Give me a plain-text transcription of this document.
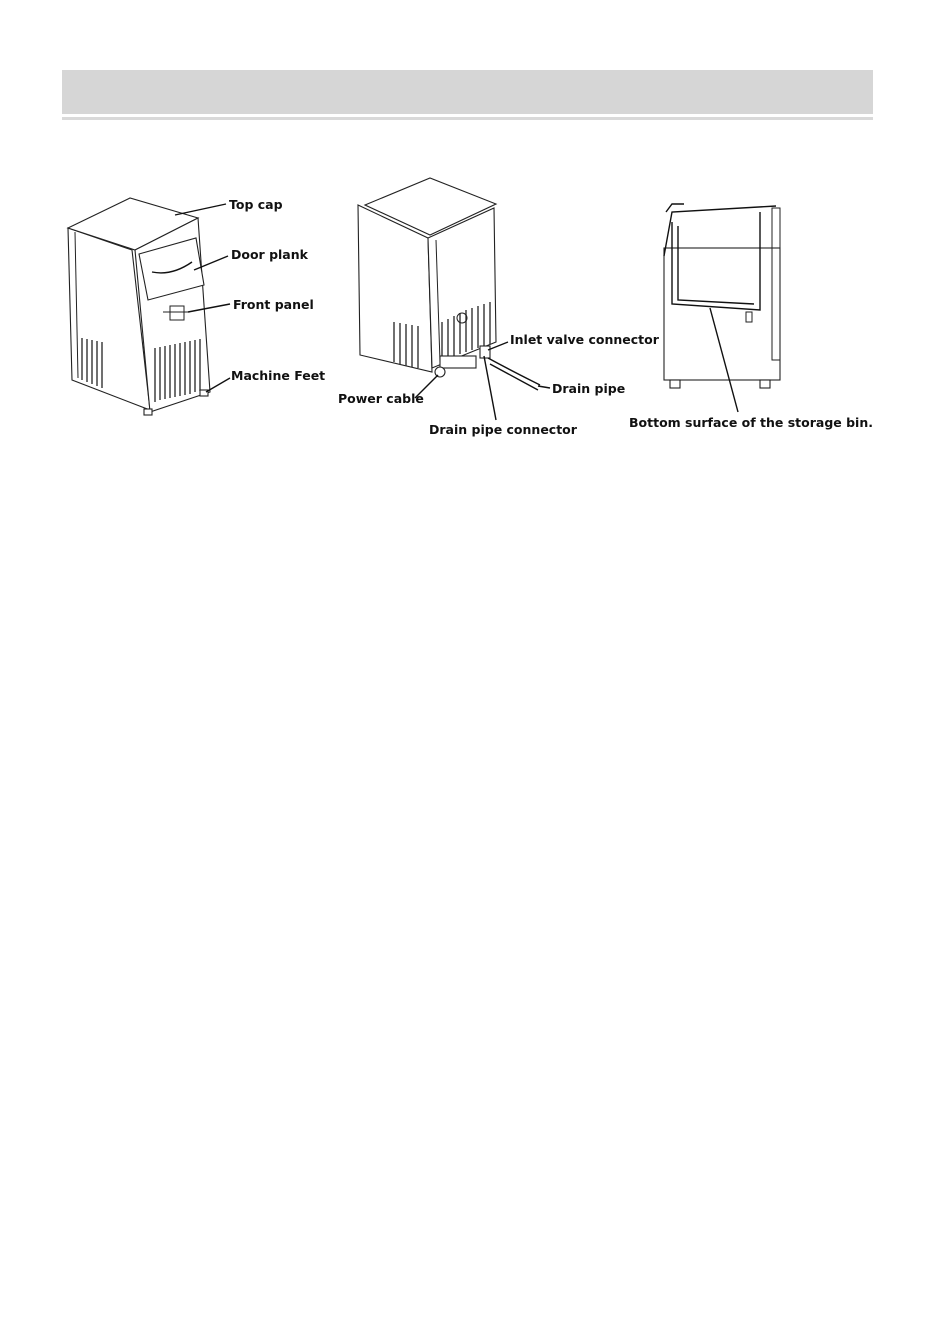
Top cap
Door plank
Front panel
Machine Feet
Inlet valve connector
Power cable
Drain pipe
Drain pipe connector	Bottom surface of the storage bin.
